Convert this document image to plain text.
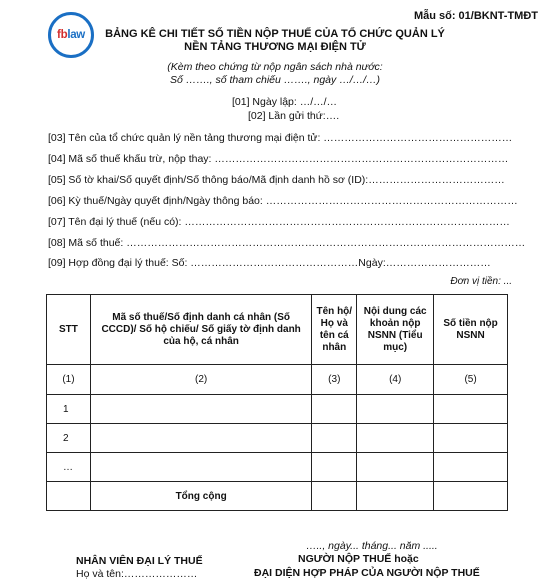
fblaw
Mẫu số: 01/BKNT-TMĐT
BẢNG KÊ CHI TIẾT SỐ TIỀN NỘP THUẾ CỦA TỔ CHỨC QUẢN LÝ
NỀN TẢNG THƯƠNG MẠI ĐIỆN TỬ
(Kèm theo chứng từ nộp ngân sách nhà nước:
Số ……., số tham chiếu ……., ngày …/…/…)
[01] Ngày lập: …/…/…
[02] Lần gửi thứ:….
[03] Tên của tổ chức quản lý nền tảng thương mại điện tử: ………………………………………………
[04] Mã số thuế khấu trừ, nộp thay: …………………………………………………………………………
[05] Số tờ khai/Số quyết định/Số thông báo/Mã định danh hồ sơ (ID):…………………………………
[06] Kỳ thuế/Ngày quyết định/Ngày thông báo: ………………………………………………………………
[07] Tên đại lý thuế (nếu có): …………………………………………………………………………………
[08] Mã số thuế: ……………………………………………………………………………………………………
[09] Hợp đồng đại lý thuế: Số: …………………………………………Ngày:…………………………
Đơn vị tiền: ...
STT	Mã số thuế/Số định danh cá nhân (Số CCCD)/ Số hộ chiếu/ Số giấy tờ định danh của hộ, cá nhân	Tên hộ/ Họ và tên cá nhân	Nội dung các khoản nộp NSNN (Tiểu mục)	Số tiền nộp NSNN
(1)	(2)	(3)	(4)	(5)
1				
2				
…				
	Tổng cộng			
….., ngày... tháng... năm .....
NHÂN VIÊN ĐẠI LÝ THUẾ
Họ và tên:…………………
NGƯỜI NỘP THUẾ hoặc
ĐẠI DIỆN HỢP PHÁP CỦA NGƯỜI NỘP THUẾ
